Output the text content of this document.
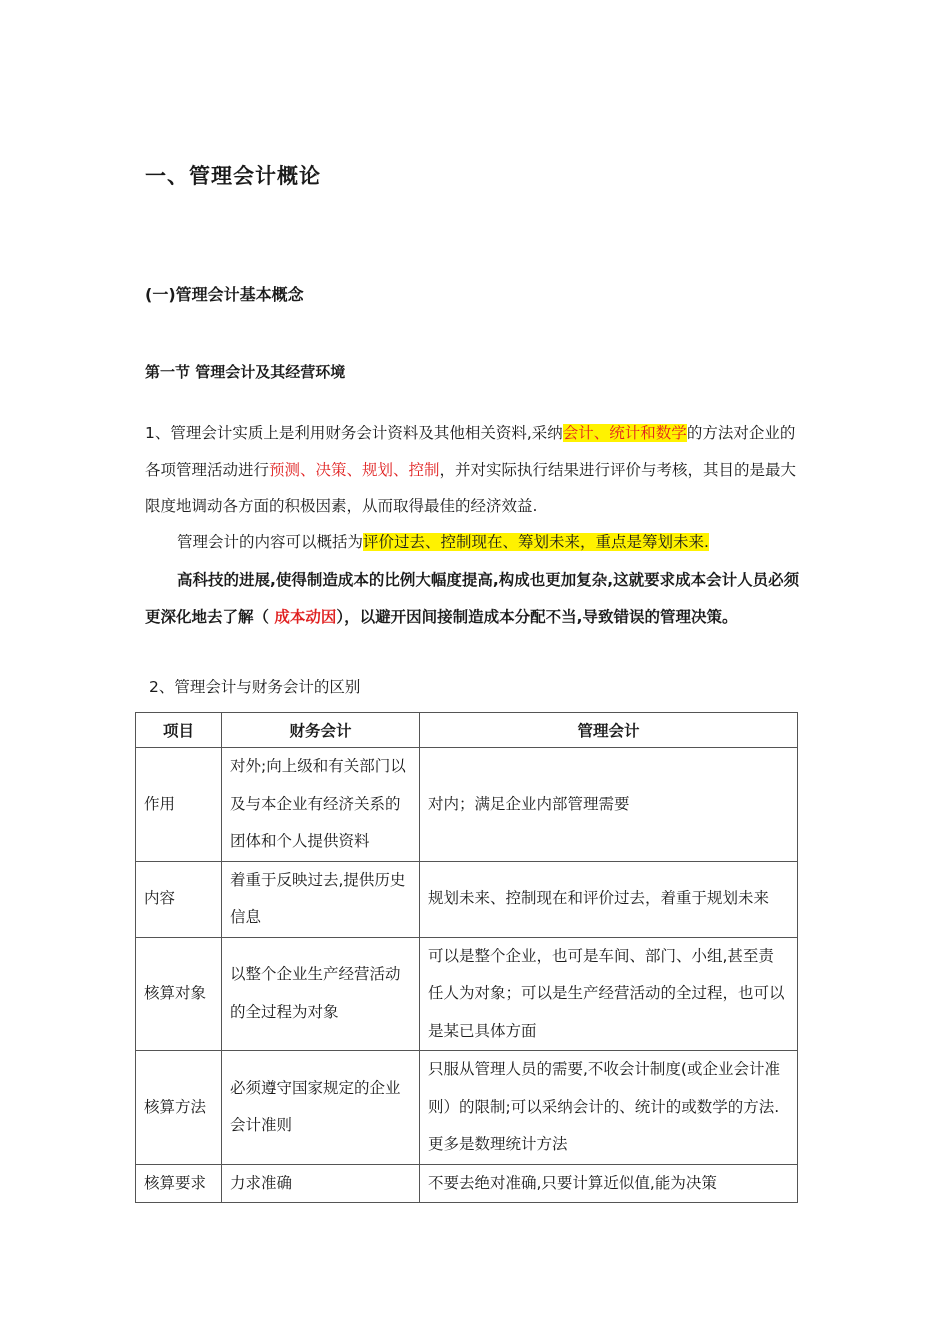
一、管理会计概论
(一)管理会计基本概念
第一节 管理会计及其经营环境
1、管理会计实质上是利用财务会计资料及其他相关资料,采纳会计、统计和数学的方法对企业的各项管理活动进行预测、决策、规划、控制，并对实际执行结果进行评价与考核，其目的是最大限度地调动各方面的积极因素，从而取得最佳的经济效益.
管理会计的内容可以概括为评价过去、控制现在、筹划未来，重点是筹划未来.
高科技的进展,使得制造成本的比例大幅度提高,构成也更加复杂,这就要求成本会计人员必须更深化地去了解（ 成本动因），以避开因间接制造成本分配不当,导致错误的管理决策。
2、管理会计与财务会计的区别
项目	财务会计	管理会计
作用	对外;向上级和有关部门以及与本企业有经济关系的团体和个人提供资料	对内；满足企业内部管理需要
内容	着重于反映过去,提供历史信息	规划未来、控制现在和评价过去，着重于规划未来
核算对象	以整个企业生产经营活动的全过程为对象	可以是整个企业，也可是车间、部门、小组,甚至责任人为对象；可以是生产经营活动的全过程，也可以是某已具体方面
核算方法	必须遵守国家规定的企业会计准则	只服从管理人员的需要,不收会计制度(或企业会计准则）的限制;可以采纳会计的、统计的或数学的方法.更多是数理统计方法
核算要求	力求准确	不要去绝对准确,只要计算近似值,能为决策
